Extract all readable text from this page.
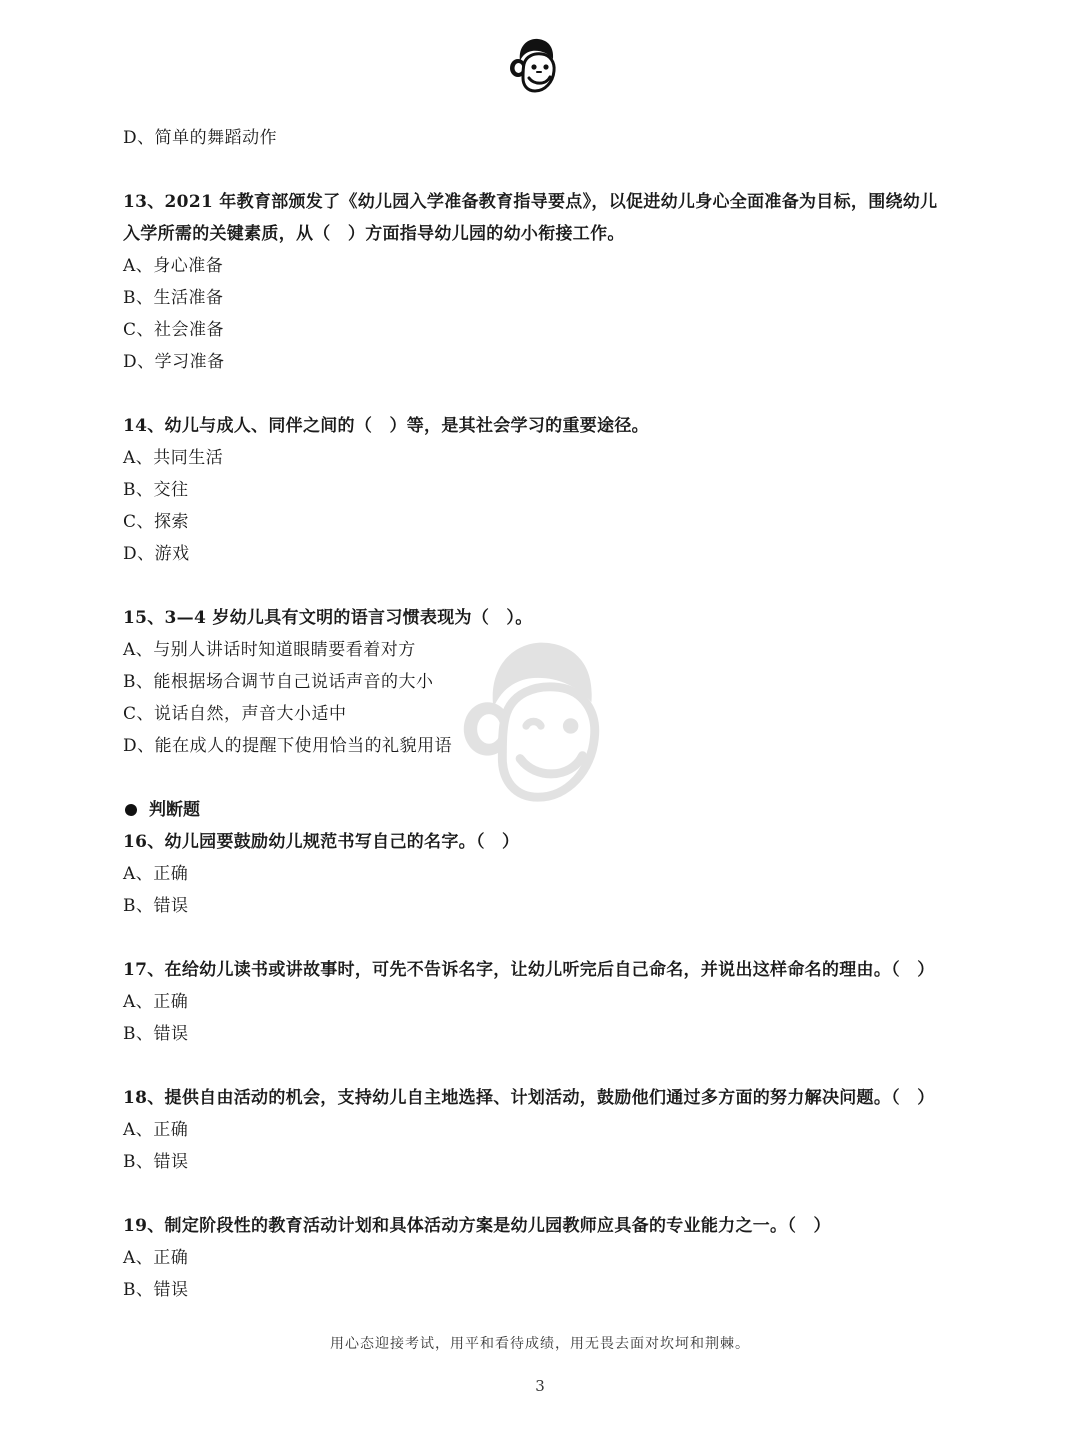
D、简单的舞蹈动作
13、2021 年教育部颁发了《幼儿园入学准备教育指导要点》，以促进幼儿身心全面准备为目标，围绕幼儿
入学所需的关键素质，从（　）方面指导幼儿园的幼小衔接工作。
A、身心准备
B、生活准备
C、社会准备
D、学习准备
14、幼儿与成人、同伴之间的（　）等，是其社会学习的重要途径。
A、共同生活
B、交往
C、探索
D、游戏
15、3—4 岁幼儿具有文明的语言习惯表现为（　）。
A、与别人讲话时知道眼睛要看着对方
B、能根据场合调节自己说话声音的大小
C、说话自然，声音大小适中
D、能在成人的提醒下使用恰当的礼貌用语
判断题
16、幼儿园要鼓励幼儿规范书写自己的名字。（　）
A、正确
B、错误
17、在给幼儿读书或讲故事时，可先不告诉名字，让幼儿听完后自己命名，并说出这样命名的理由。（　）
A、正确
B、错误
18、提供自由活动的机会，支持幼儿自主地选择、计划活动，鼓励他们通过多方面的努力解决问题。（　）
A、正确
B、错误
19、制定阶段性的教育活动计划和具体活动方案是幼儿园教师应具备的专业能力之一。（　）
A、正确
B、错误
用心态迎接考试，用平和看待成绩，用无畏去面对坎坷和荆棘。
3
